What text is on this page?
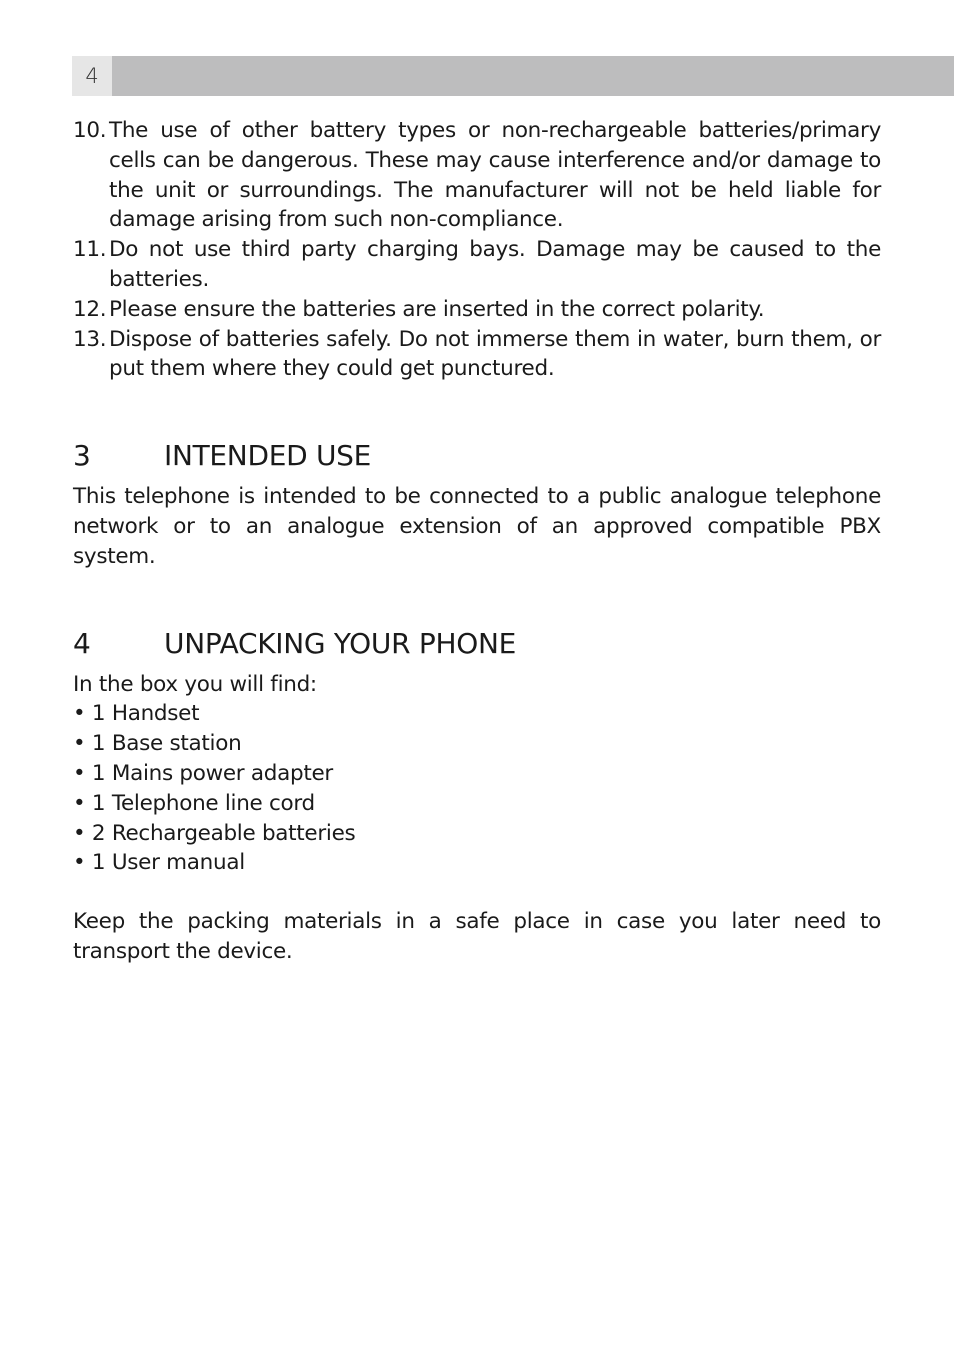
4
10. The use of other battery types or non-rechargeable batteries/primary cells can be dangerous. These may cause interference and/or damage to the unit or surroundings. The manufacturer will not be held liable for damage arising from such non-compliance.
11. Do not use third party charging bays. Damage may be caused to the batteries.
12. Please ensure the batteries are inserted in the correct polarity.
13. Dispose of batteries safely. Do not immerse them in water, burn them, or put them where they could get punctured.
3	INTENDED USE

This telephone is intended to be connected to a public analogue telephone network or to an analogue extension of an approved compatible PBX system.

4	UNPACKING YOUR PHONE

In the box you will find:

• 1 Handset
• 1 Base station
• 1 Mains power adapter
• 1 Telephone line cord
• 2 Rechargeable batteries
• 1 User manual

Keep the packing materials in a safe place in case you later need to transport the device.
